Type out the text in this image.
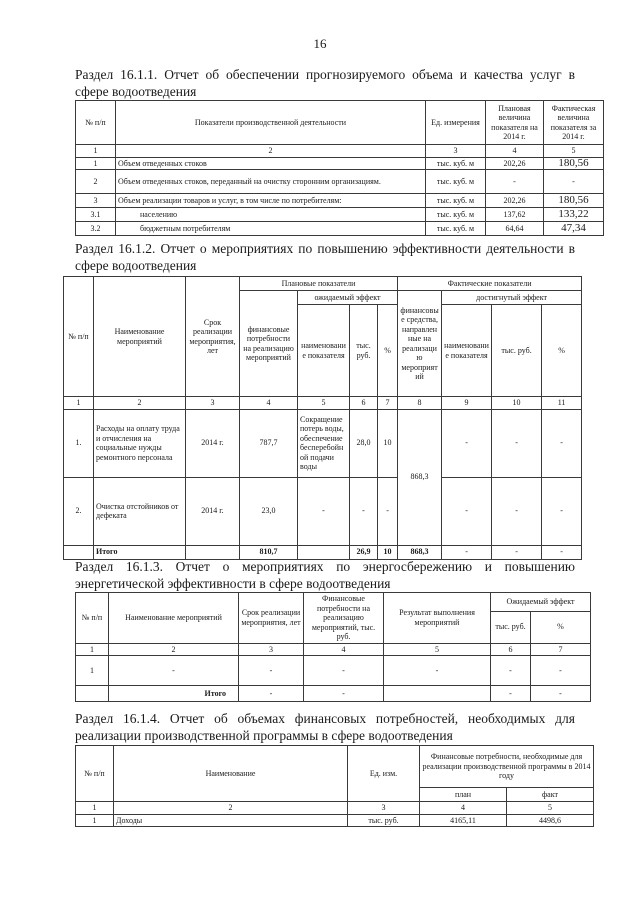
16
Раздел 16.1.1. Отчет об обеспечении прогнозируемого объема и качества услуг в сфере водоотведения
№ п/п	Показатели производственной деятельности	Ед. измерения	Плановая величина показателя на 2014 г.	Фактическая величина показателя за 2014 г.
1	2	3	4	5
1	Объем отведенных стоков	тыс. куб. м	202,26	180,56
2	Объем отведенных стоков, переданный на очистку сторонним организациям.	тыс. куб. м	-	-
3	Объем реализации товаров и услуг, в том числе по потребителям:	тыс. куб. м	202,26	180,56
3.1	населению	тыс. куб. м	137,62	133,22
3.2	бюджетным потребителям	тыс. куб. м	64,64	47,34
Раздел 16.1.2. Отчет о мероприятиях по повышению эффективности деятельности в сфере водоотведения
№ п/п	Наименование мероприятий	Срок реализации мероприятия, лет	Плановые показатели				Фактические показатели			
			финансовые потребности на реализацию мероприятий	ожидаемый эффект			финансовые средства, направленные на реализацию мероприятий	достигнутый эффект		
				наименование показателя	тыс. руб.	%		наименование показателя	тыс. руб.	%
1	2	3	4	5	6	7	8	9	10	11
1.	Расходы на оплату труда и отчисления на социальные нужды ремонтного персонала	2014 г.	787,7	Сокращение потерь воды, обеспечение бесперебойной подачи воды	28,0	10	868,3	-	-	-
2.	Очистка отстойников от дефеката	2014 г.	23,0	-	-	-		-	-	-
	Итого		810,7		26,9	10	868,3	-	-	-
Раздел 16.1.3. Отчет о мероприятиях по энергосбережению и повышению энергетической эффективности в сфере водоотведения
№ п/п	Наименование мероприятий	Срок реализации мероприятия, лет	Финансовые потребности на реализацию мероприятий, тыс. руб.	Результат выполнения мероприятий	Ожидаемый эффект	
					тыс. руб.	%
1	2	3	4	5	6	7
1	-	-	-	-	-	-
	Итого	-	-		-	-
Раздел 16.1.4. Отчет об объемах финансовых потребностей, необходимых для реализации производственной программы в сфере водоотведения
№ п/п	Наименование	Ед. изм.	Финансовые потребности, необходимые для реализации производственной программы в 2014 году	
			план	факт
1	2	3	4	5
1	Доходы	тыс. руб.	4165,11	4498,6
